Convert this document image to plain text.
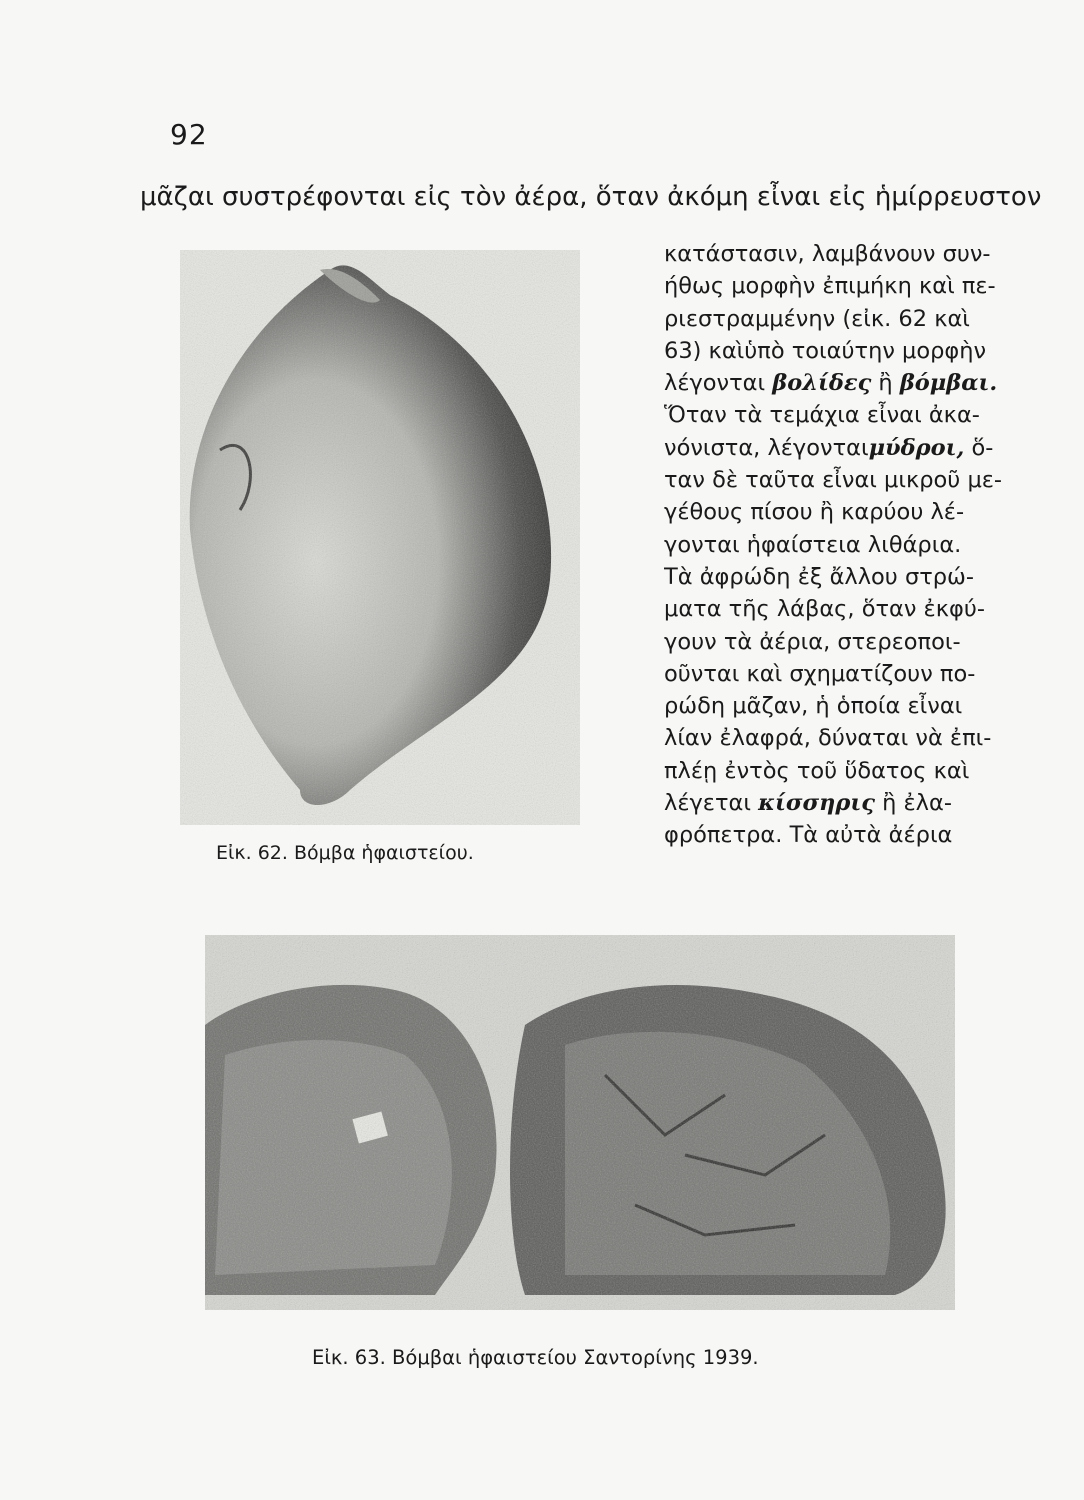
92
μᾶζαι συστρέφονται εἰς τὸν ἀέρα, ὅταν ἀκόμη εἶναι εἰς ἡμίρρευστον
κατάστασιν, λαμβάνουν συν-
ήθως μορφὴν ἐπιμήκη καὶ πε-
ριεστραμμένην (εἰκ. 62 καὶ
63) καὶὑπὸ τοιαύτην μορφὴν
λέγονται βολίδες ἢ βόμβαι.
Ὅταν τὰ τεμάχια εἶναι ἀκα-
νόνιστα, λέγονταιμύδροι, ὅ-
ταν δὲ ταῦτα εἶναι μικροῦ με-
γέθους πίσου ἢ καρύου λέ-
γονται ἡφαίστεια λιθάρια.
Τὰ ἀφρώδη ἐξ ἄλλου στρώ-
ματα τῆς λάβας, ὅταν ἐκφύ-
γουν τὰ ἀέρια, στερεοποι-
οῦνται καὶ σχηματίζουν πο-
ρώδη μᾶζαν, ἡ ὁποία εἶναι
λίαν ἐλαφρά, δύναται νὰ ἐπι-
πλέῃ ἐντὸς τοῦ ὕδατος καὶ
λέγεται κίσσηρις ἢ ἐλα-
φρόπετρα. Τὰ αὐτὰ ἀέρια
Εἰκ. 62. Βόμβα ἡφαιστείου.
Εἰκ. 63. Βόμβαι ἡφαιστείου Σαντορίνης 1939.
